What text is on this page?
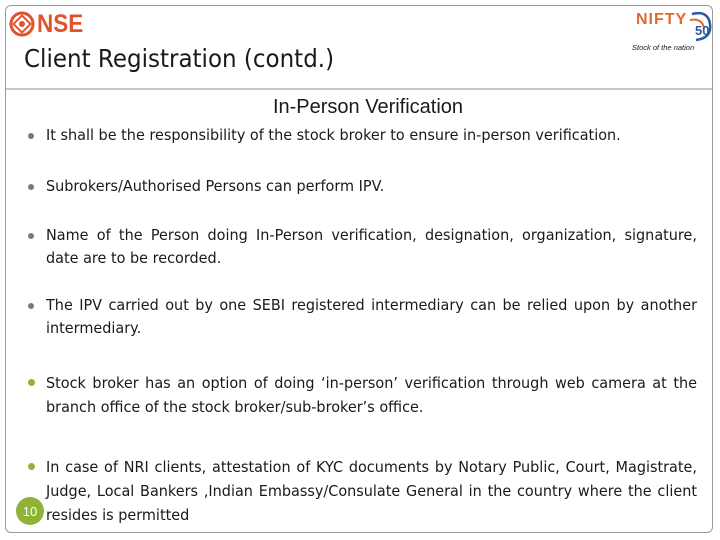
NSE
Client Registration (contd.)
NIFTY
50
Stock of the nation
In-Person Verification
It shall be the responsibility of the stock broker to ensure in-person verification.
Subrokers/Authorised Persons can perform IPV.
Name of the Person doing In-Person verification, designation, organization, signature, date are to be recorded.
The IPV carried out by one SEBI registered intermediary can be relied upon by another intermediary.
Stock broker has an option of doing ‘in-person’ verification through web camera at the branch office of the stock broker/sub-broker’s office.
In case of NRI clients, attestation of KYC documents by Notary Public, Court, Magistrate, Judge, Local Bankers ,Indian Embassy/Consulate General in the country where the client resides is permitted
10
